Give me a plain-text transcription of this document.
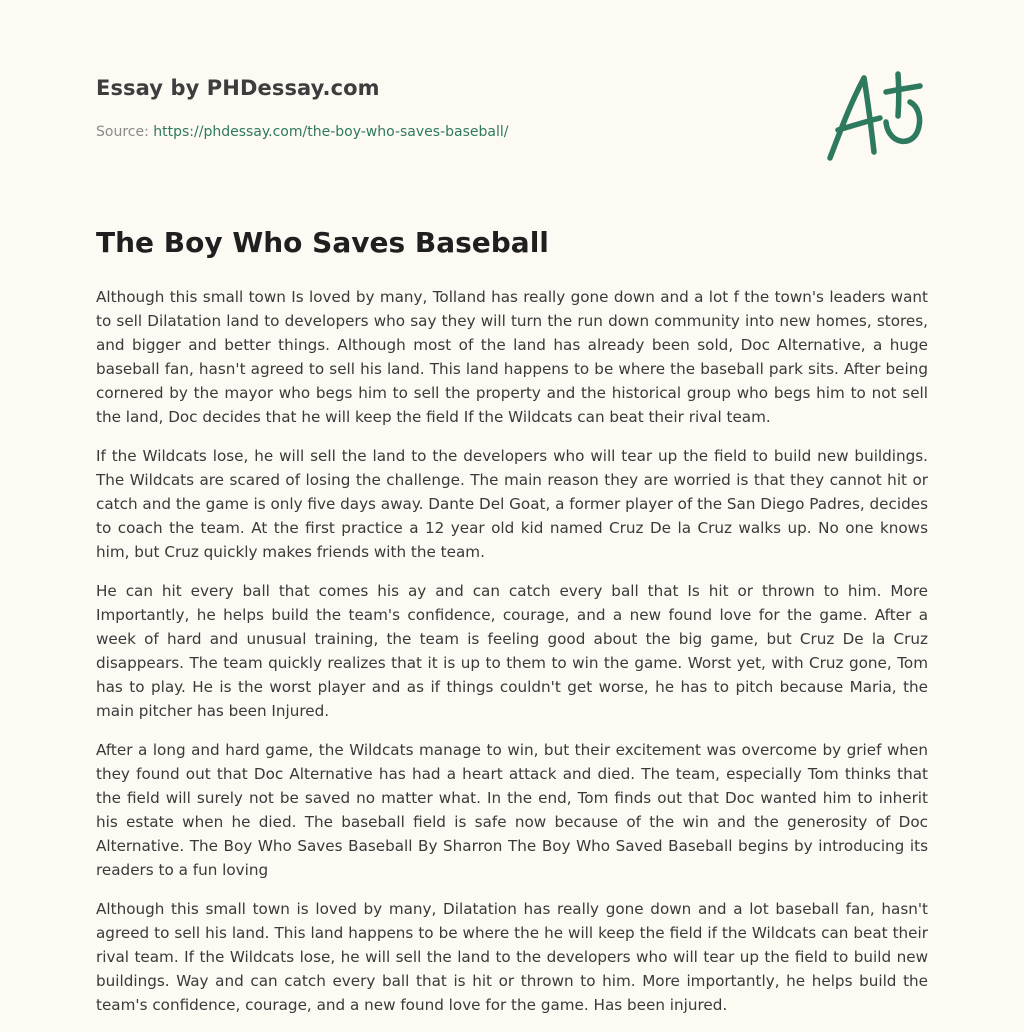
Essay by PHDessay.com

Source: https://phdessay.com/the-boy-who-saves-baseball/

The Boy Who Saves Baseball

Although this small town Is loved by many, Tolland has really gone down and a lot f the town's leaders want to sell Dilatation land to developers who say they will turn the run down community into new homes, stores, and bigger and better things. Although most of the land has already been sold, Doc Alternative, a huge baseball fan, hasn't agreed to sell his land. This land happens to be where the baseball park sits. After being cornered by the mayor who begs him to sell the property and the historical group who begs him to not sell the land, Doc decides that he will keep the field If the Wildcats can beat their rival team.

If the Wildcats lose, he will sell the land to the developers who will tear up the field to build new buildings. The Wildcats are scared of losing the challenge. The main reason they are worried is that they cannot hit or catch and the game is only five days away. Dante Del Goat, a former player of the San Diego Padres, decides to coach the team. At the first practice a 12 year old kid named Cruz De la Cruz walks up. No one knows him, but Cruz quickly makes friends with the team.

He can hit every ball that comes his ay and can catch every ball that Is hit or thrown to him. More Importantly, he helps build the team's confidence, courage, and a new found love for the game. After a week of hard and unusual training, the team is feeling good about the big game, but Cruz De la Cruz disappears. The team quickly realizes that it is up to them to win the game. Worst yet, with Cruz gone, Tom has to play. He is the worst player and as if things couldn't get worse, he has to pitch because Maria, the main pitcher has been Injured.

After a long and hard game, the Wildcats manage to win, but their excitement was overcome by grief when they found out that Doc Alternative has had a heart attack and died. The team, especially Tom thinks that the field will surely not be saved no matter what. In the end, Tom finds out that Doc wanted him to inherit his estate when he died. The baseball field is safe now because of the win and the generosity of Doc Alternative. The Boy Who Saves Baseball By Sharron The Boy Who Saved Baseball begins by introducing its readers to a fun loving

Although this small town is loved by many, Dilatation has really gone down and a lot baseball fan, hasn't agreed to sell his land. This land happens to be where the he will keep the field if the Wildcats can beat their rival team. If the Wildcats lose, he will sell the land to the developers who will tear up the field to build new buildings. Way and can catch every ball that is hit or thrown to him. More importantly, he helps build the team's confidence, courage, and a new found love for the game. Has been injured.
